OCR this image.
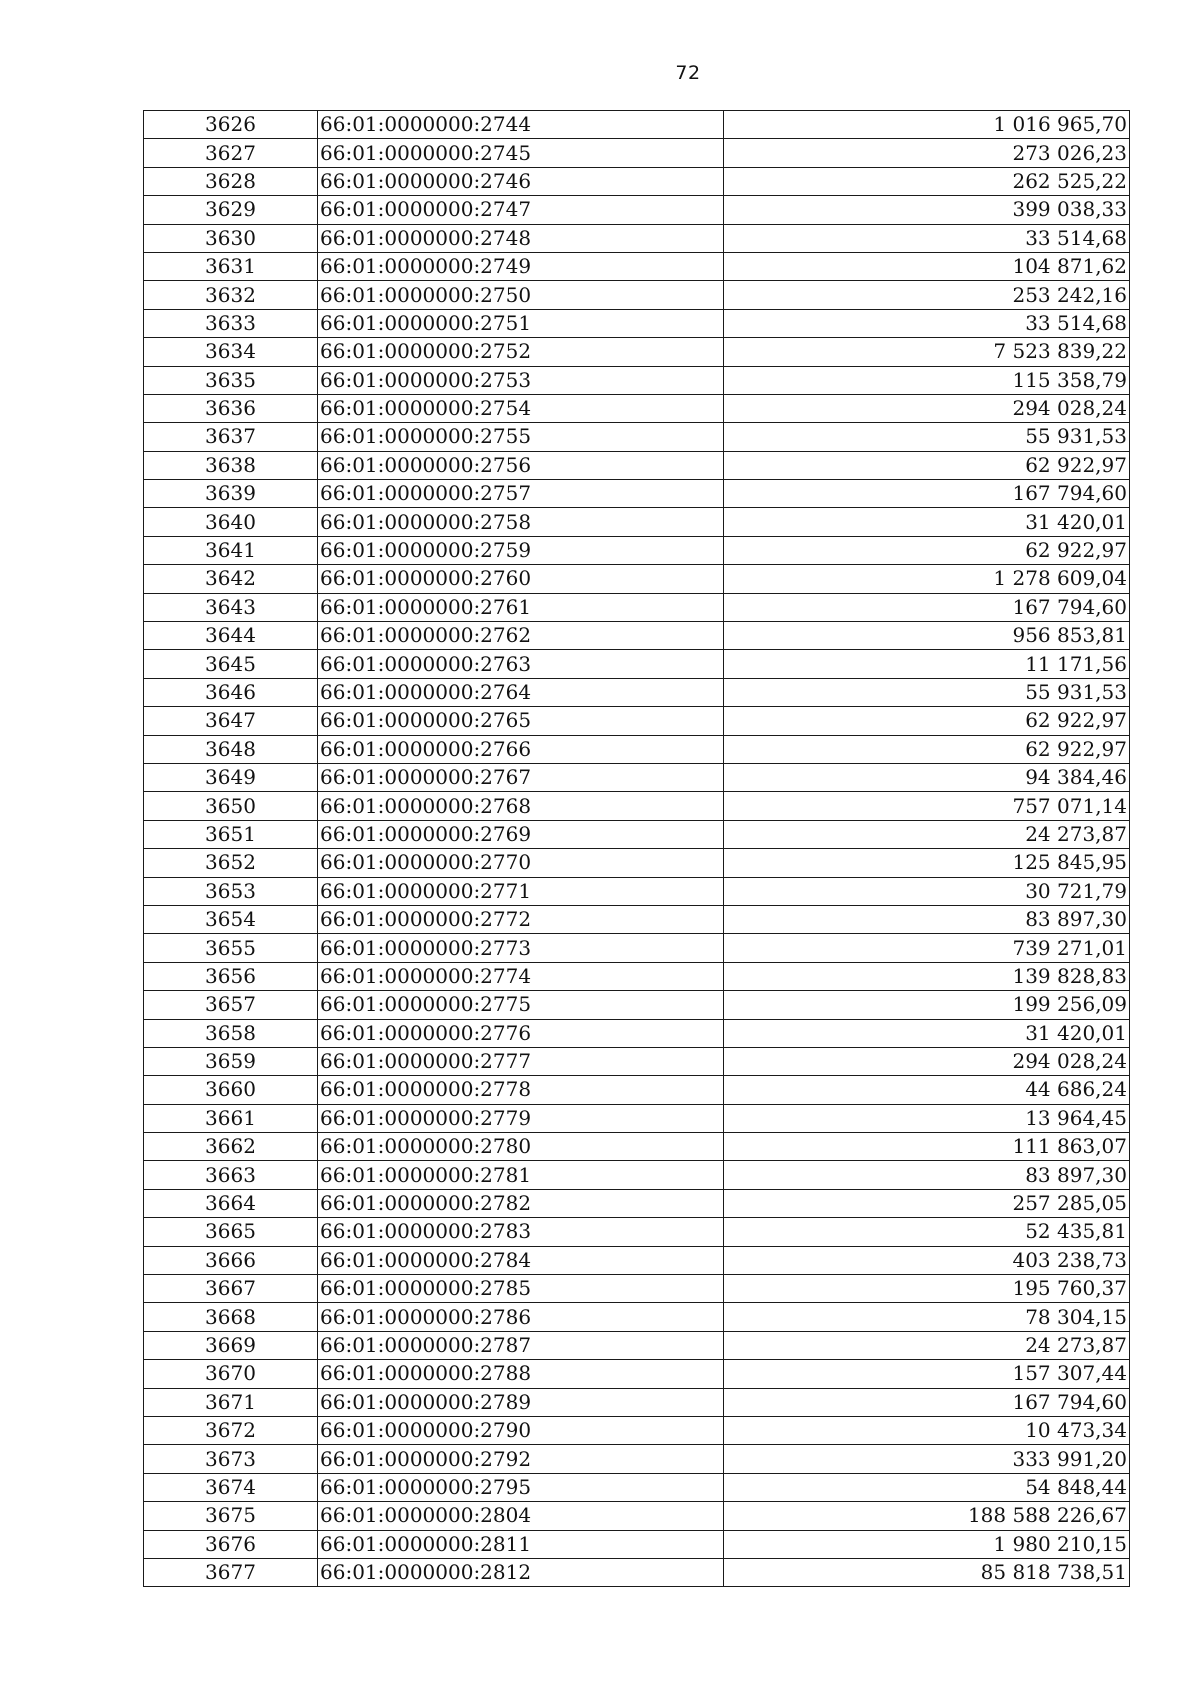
72
3626	66:01:0000000:2744	1 016 965,70
3627	66:01:0000000:2745	273 026,23
3628	66:01:0000000:2746	262 525,22
3629	66:01:0000000:2747	399 038,33
3630	66:01:0000000:2748	33 514,68
3631	66:01:0000000:2749	104 871,62
3632	66:01:0000000:2750	253 242,16
3633	66:01:0000000:2751	33 514,68
3634	66:01:0000000:2752	7 523 839,22
3635	66:01:0000000:2753	115 358,79
3636	66:01:0000000:2754	294 028,24
3637	66:01:0000000:2755	55 931,53
3638	66:01:0000000:2756	62 922,97
3639	66:01:0000000:2757	167 794,60
3640	66:01:0000000:2758	31 420,01
3641	66:01:0000000:2759	62 922,97
3642	66:01:0000000:2760	1 278 609,04
3643	66:01:0000000:2761	167 794,60
3644	66:01:0000000:2762	956 853,81
3645	66:01:0000000:2763	11 171,56
3646	66:01:0000000:2764	55 931,53
3647	66:01:0000000:2765	62 922,97
3648	66:01:0000000:2766	62 922,97
3649	66:01:0000000:2767	94 384,46
3650	66:01:0000000:2768	757 071,14
3651	66:01:0000000:2769	24 273,87
3652	66:01:0000000:2770	125 845,95
3653	66:01:0000000:2771	30 721,79
3654	66:01:0000000:2772	83 897,30
3655	66:01:0000000:2773	739 271,01
3656	66:01:0000000:2774	139 828,83
3657	66:01:0000000:2775	199 256,09
3658	66:01:0000000:2776	31 420,01
3659	66:01:0000000:2777	294 028,24
3660	66:01:0000000:2778	44 686,24
3661	66:01:0000000:2779	13 964,45
3662	66:01:0000000:2780	111 863,07
3663	66:01:0000000:2781	83 897,30
3664	66:01:0000000:2782	257 285,05
3665	66:01:0000000:2783	52 435,81
3666	66:01:0000000:2784	403 238,73
3667	66:01:0000000:2785	195 760,37
3668	66:01:0000000:2786	78 304,15
3669	66:01:0000000:2787	24 273,87
3670	66:01:0000000:2788	157 307,44
3671	66:01:0000000:2789	167 794,60
3672	66:01:0000000:2790	10 473,34
3673	66:01:0000000:2792	333 991,20
3674	66:01:0000000:2795	54 848,44
3675	66:01:0000000:2804	188 588 226,67
3676	66:01:0000000:2811	1 980 210,15
3677	66:01:0000000:2812	85 818 738,51
